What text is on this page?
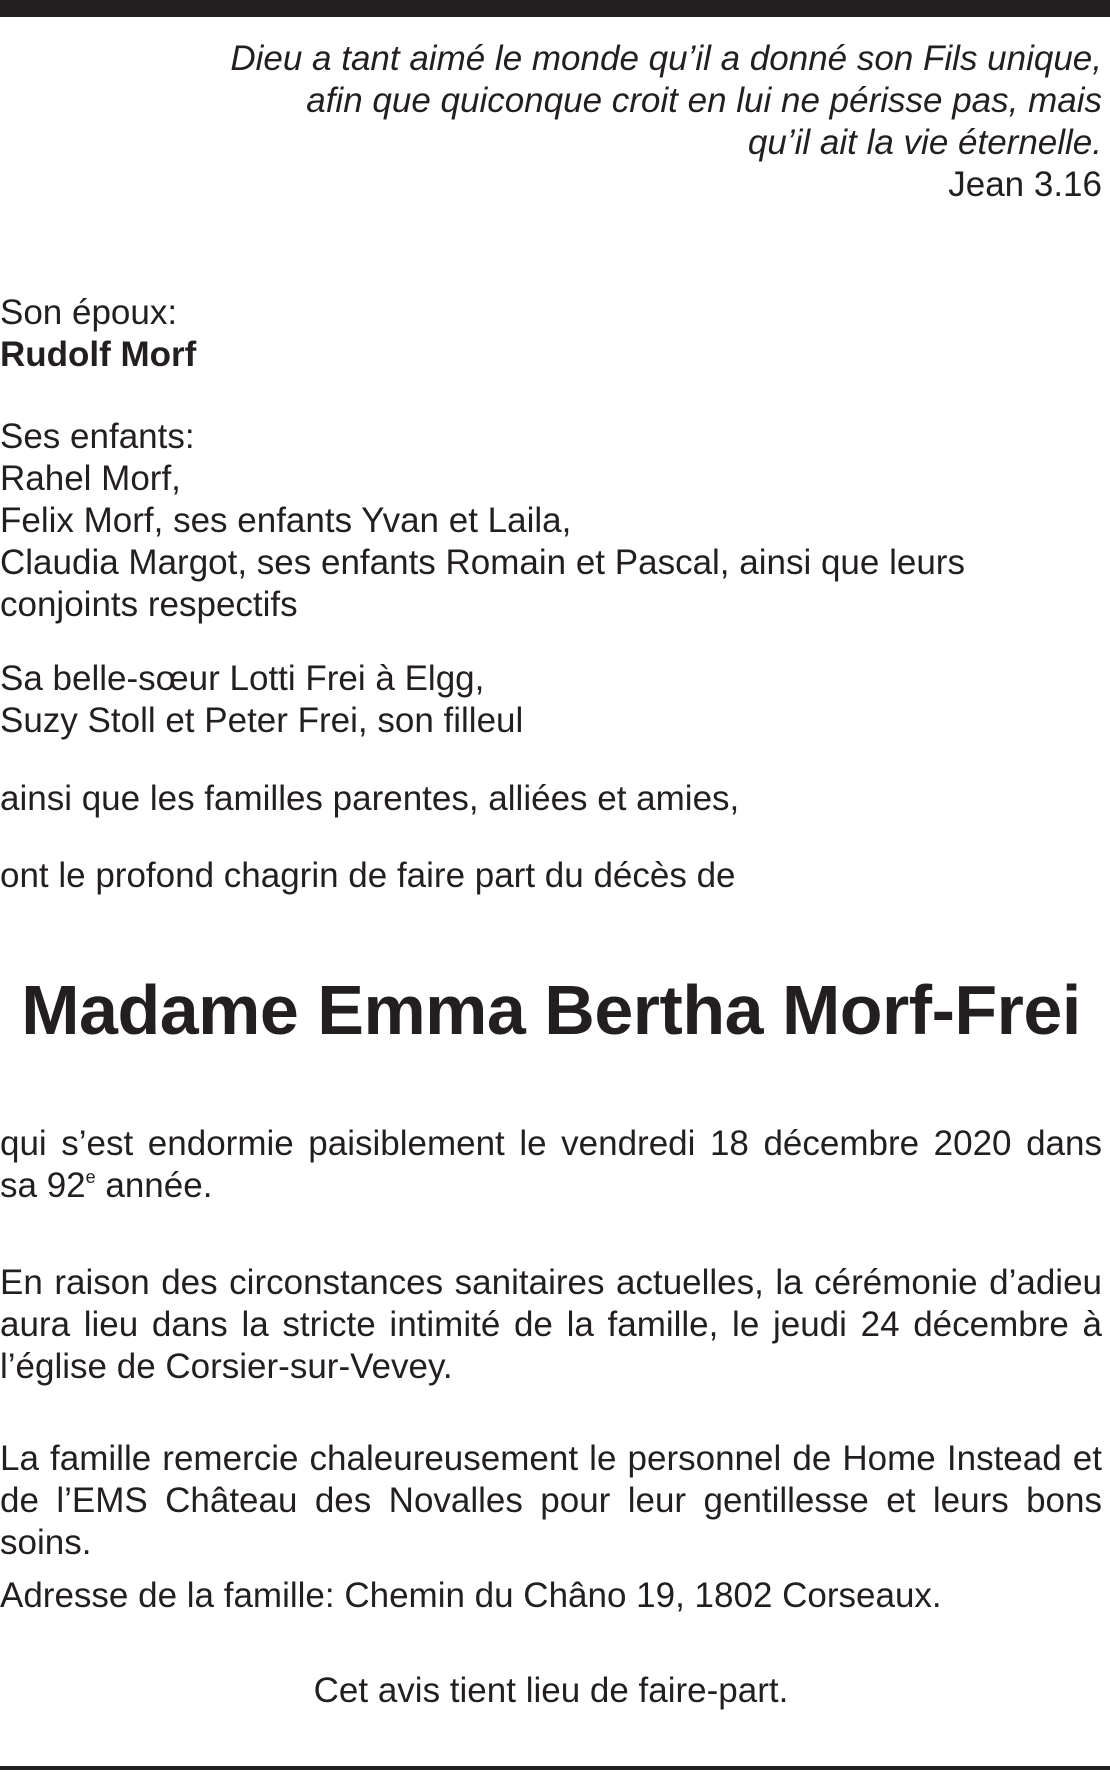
Dieu a tant aimé le monde qu’il a donné son Fils unique,
afin que quiconque croit en lui ne périsse pas, mais
qu’il ait la vie éternelle.
Jean 3.16
Son époux:
Rudolf Morf
Ses enfants:
Rahel Morf,
Felix Morf, ses enfants Yvan et Laila,
Claudia Margot, ses enfants Romain et Pascal, ainsi que leurs conjoints respectifs
Sa belle-sœur Lotti Frei à Elgg,
Suzy Stoll et Peter Frei, son filleul
ainsi que les familles parentes, alliées et amies,
ont le profond chagrin de faire part du décès de
Madame Emma Bertha Morf-Frei
qui s’est endormie paisiblement le vendredi 18 décembre 2020 dans sa 92e année.
En raison des circonstances sanitaires actuelles, la cérémonie d’adieu aura lieu dans la stricte intimité de la famille, le jeudi 24 décembre à l’église de Corsier-sur-Vevey.
La famille remercie chaleureusement le personnel de Home Instead et de l’EMS Château des Novalles pour leur gentillesse et leurs bons soins.
Adresse de la famille: Chemin du Châno 19, 1802 Corseaux.
Cet avis tient lieu de faire-part.
